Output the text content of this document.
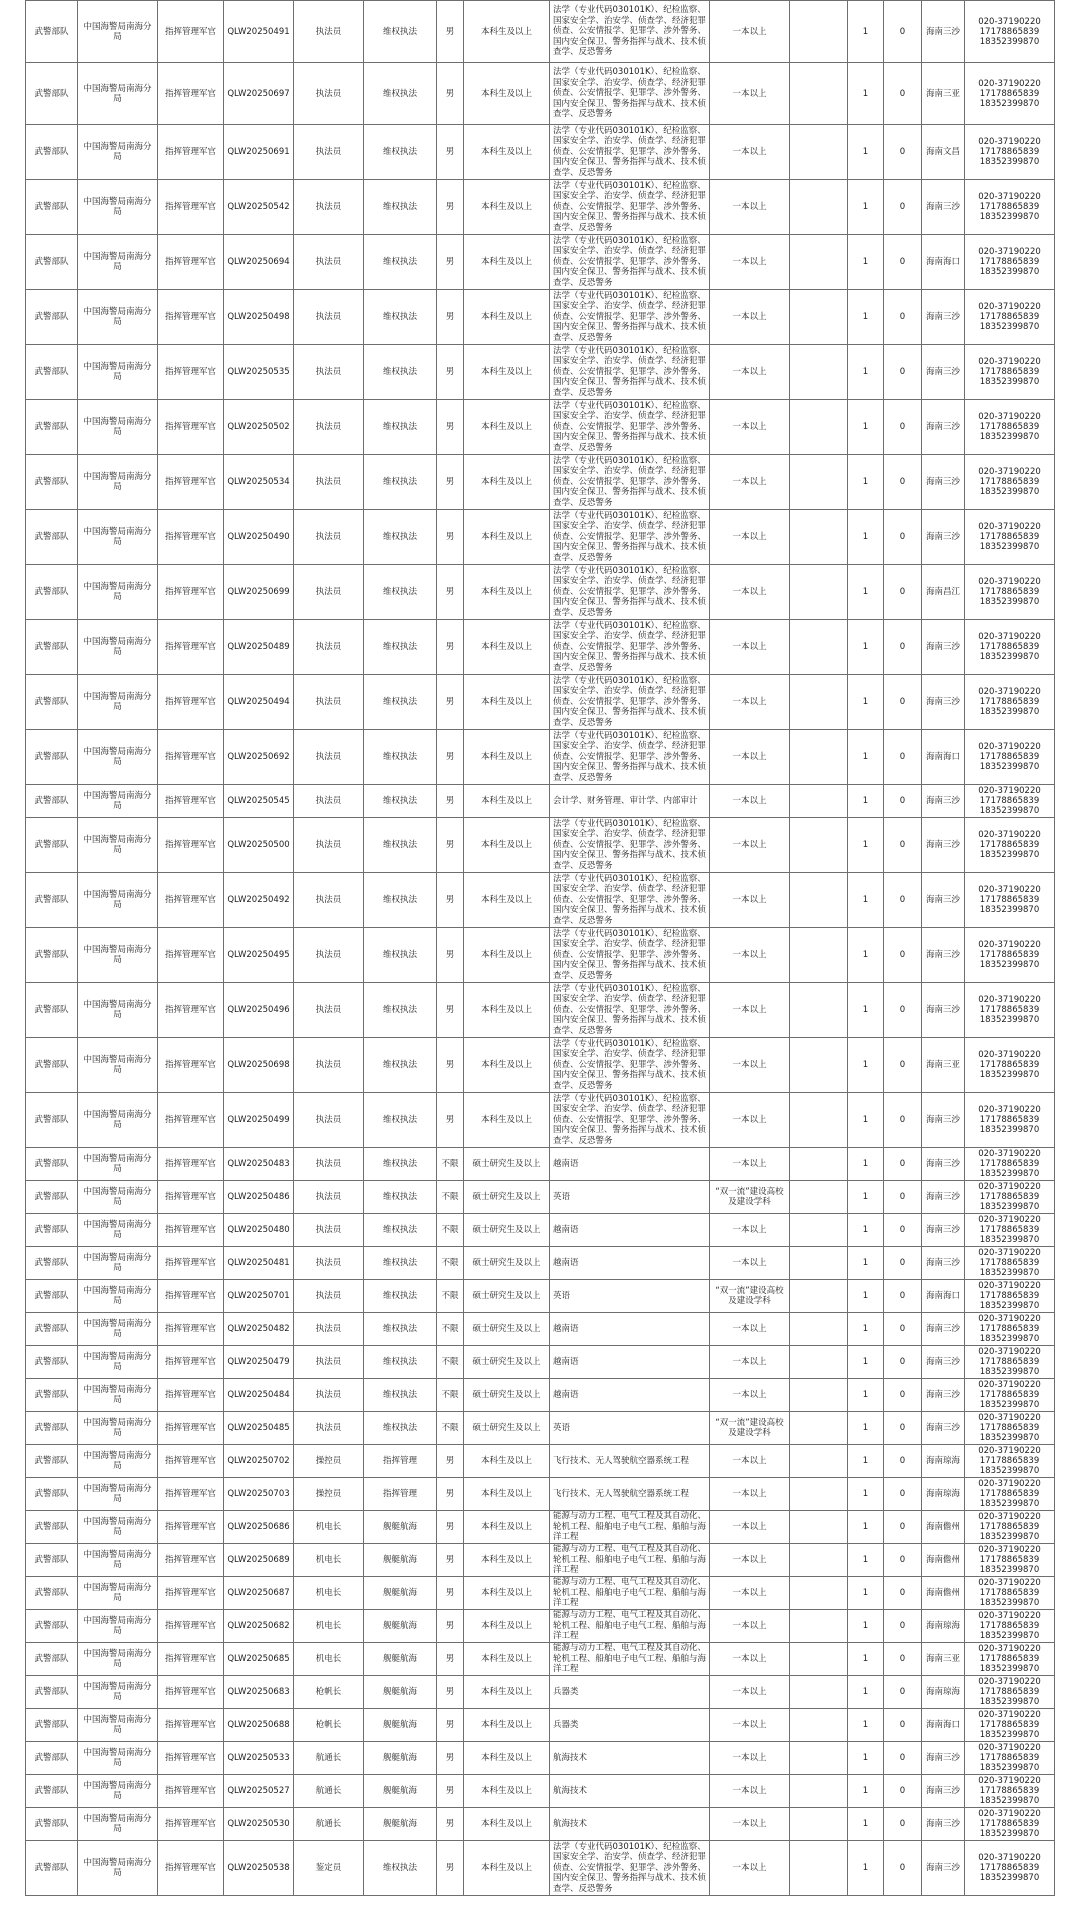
武警部队	中国海警局南海分局	指挥管理军官	QLW20250491	执法员	维权执法	男	本科生及以上	法学（专业代码030101K）、纪检监察、国家安全学、治安学、侦查学、经济犯罪侦查、公安情报学、犯罪学、涉外警务、国内安全保卫、警务指挥与战术、技术侦查学、反恐警务	一本以上		1	0	海南三沙	020-37190220
17178865839
18352399870

武警部队	中国海警局南海分局	指挥管理军官	QLW20250697	执法员	维权执法	男	本科生及以上	法学（专业代码030101K）、纪检监察、国家安全学、治安学、侦查学、经济犯罪侦查、公安情报学、犯罪学、涉外警务、国内安全保卫、警务指挥与战术、技术侦查学、反恐警务	一本以上		1	0	海南三亚	020-37190220
17178865839
18352399870

武警部队	中国海警局南海分局	指挥管理军官	QLW20250691	执法员	维权执法	男	本科生及以上	法学（专业代码030101K）、纪检监察、国家安全学、治安学、侦查学、经济犯罪侦查、公安情报学、犯罪学、涉外警务、国内安全保卫、警务指挥与战术、技术侦查学、反恐警务	一本以上		1	0	海南文昌	020-37190220
17178865839
18352399870

武警部队	中国海警局南海分局	指挥管理军官	QLW20250542	执法员	维权执法	男	本科生及以上	法学（专业代码030101K）、纪检监察、国家安全学、治安学、侦查学、经济犯罪侦查、公安情报学、犯罪学、涉外警务、国内安全保卫、警务指挥与战术、技术侦查学、反恐警务	一本以上		1	0	海南三沙	020-37190220
17178865839
18352399870

武警部队	中国海警局南海分局	指挥管理军官	QLW20250694	执法员	维权执法	男	本科生及以上	法学（专业代码030101K）、纪检监察、国家安全学、治安学、侦查学、经济犯罪侦查、公安情报学、犯罪学、涉外警务、国内安全保卫、警务指挥与战术、技术侦查学、反恐警务	一本以上		1	0	海南海口	020-37190220
17178865839
18352399870

武警部队	中国海警局南海分局	指挥管理军官	QLW20250498	执法员	维权执法	男	本科生及以上	法学（专业代码030101K）、纪检监察、国家安全学、治安学、侦查学、经济犯罪侦查、公安情报学、犯罪学、涉外警务、国内安全保卫、警务指挥与战术、技术侦查学、反恐警务	一本以上		1	0	海南三沙	020-37190220
17178865839
18352399870

武警部队	中国海警局南海分局	指挥管理军官	QLW20250535	执法员	维权执法	男	本科生及以上	法学（专业代码030101K）、纪检监察、国家安全学、治安学、侦查学、经济犯罪侦查、公安情报学、犯罪学、涉外警务、国内安全保卫、警务指挥与战术、技术侦查学、反恐警务	一本以上		1	0	海南三沙	020-37190220
17178865839
18352399870

武警部队	中国海警局南海分局	指挥管理军官	QLW20250502	执法员	维权执法	男	本科生及以上	法学（专业代码030101K）、纪检监察、国家安全学、治安学、侦查学、经济犯罪侦查、公安情报学、犯罪学、涉外警务、国内安全保卫、警务指挥与战术、技术侦查学、反恐警务	一本以上		1	0	海南三沙	020-37190220
17178865839
18352399870

武警部队	中国海警局南海分局	指挥管理军官	QLW20250534	执法员	维权执法	男	本科生及以上	法学（专业代码030101K）、纪检监察、国家安全学、治安学、侦查学、经济犯罪侦查、公安情报学、犯罪学、涉外警务、国内安全保卫、警务指挥与战术、技术侦查学、反恐警务	一本以上		1	0	海南三沙	020-37190220
17178865839
18352399870

武警部队	中国海警局南海分局	指挥管理军官	QLW20250490	执法员	维权执法	男	本科生及以上	法学（专业代码030101K）、纪检监察、国家安全学、治安学、侦查学、经济犯罪侦查、公安情报学、犯罪学、涉外警务、国内安全保卫、警务指挥与战术、技术侦查学、反恐警务	一本以上		1	0	海南三沙	020-37190220
17178865839
18352399870

武警部队	中国海警局南海分局	指挥管理军官	QLW20250699	执法员	维权执法	男	本科生及以上	法学（专业代码030101K）、纪检监察、国家安全学、治安学、侦查学、经济犯罪侦查、公安情报学、犯罪学、涉外警务、国内安全保卫、警务指挥与战术、技术侦查学、反恐警务	一本以上		1	0	海南昌江	020-37190220
17178865839
18352399870

武警部队	中国海警局南海分局	指挥管理军官	QLW20250489	执法员	维权执法	男	本科生及以上	法学（专业代码030101K）、纪检监察、国家安全学、治安学、侦查学、经济犯罪侦查、公安情报学、犯罪学、涉外警务、国内安全保卫、警务指挥与战术、技术侦查学、反恐警务	一本以上		1	0	海南三沙	020-37190220
17178865839
18352399870

武警部队	中国海警局南海分局	指挥管理军官	QLW20250494	执法员	维权执法	男	本科生及以上	法学（专业代码030101K）、纪检监察、国家安全学、治安学、侦查学、经济犯罪侦查、公安情报学、犯罪学、涉外警务、国内安全保卫、警务指挥与战术、技术侦查学、反恐警务	一本以上		1	0	海南三沙	020-37190220
17178865839
18352399870

武警部队	中国海警局南海分局	指挥管理军官	QLW20250692	执法员	维权执法	男	本科生及以上	法学（专业代码030101K）、纪检监察、国家安全学、治安学、侦查学、经济犯罪侦查、公安情报学、犯罪学、涉外警务、国内安全保卫、警务指挥与战术、技术侦查学、反恐警务	一本以上		1	0	海南海口	020-37190220
17178865839
18352399870

武警部队	中国海警局南海分局	指挥管理军官	QLW20250545	执法员	维权执法	男	本科生及以上	会计学、财务管理、审计学、内部审计	一本以上		1	0	海南三沙	020-37190220
17178865839
18352399870

武警部队	中国海警局南海分局	指挥管理军官	QLW20250500	执法员	维权执法	男	本科生及以上	法学（专业代码030101K）、纪检监察、国家安全学、治安学、侦查学、经济犯罪侦查、公安情报学、犯罪学、涉外警务、国内安全保卫、警务指挥与战术、技术侦查学、反恐警务	一本以上		1	0	海南三沙	020-37190220
17178865839
18352399870

武警部队	中国海警局南海分局	指挥管理军官	QLW20250492	执法员	维权执法	男	本科生及以上	法学（专业代码030101K）、纪检监察、国家安全学、治安学、侦查学、经济犯罪侦查、公安情报学、犯罪学、涉外警务、国内安全保卫、警务指挥与战术、技术侦查学、反恐警务	一本以上		1	0	海南三沙	020-37190220
17178865839
18352399870

武警部队	中国海警局南海分局	指挥管理军官	QLW20250495	执法员	维权执法	男	本科生及以上	法学（专业代码030101K）、纪检监察、国家安全学、治安学、侦查学、经济犯罪侦查、公安情报学、犯罪学、涉外警务、国内安全保卫、警务指挥与战术、技术侦查学、反恐警务	一本以上		1	0	海南三沙	020-37190220
17178865839
18352399870

武警部队	中国海警局南海分局	指挥管理军官	QLW20250496	执法员	维权执法	男	本科生及以上	法学（专业代码030101K）、纪检监察、国家安全学、治安学、侦查学、经济犯罪侦查、公安情报学、犯罪学、涉外警务、国内安全保卫、警务指挥与战术、技术侦查学、反恐警务	一本以上		1	0	海南三沙	020-37190220
17178865839
18352399870

武警部队	中国海警局南海分局	指挥管理军官	QLW20250698	执法员	维权执法	男	本科生及以上	法学（专业代码030101K）、纪检监察、国家安全学、治安学、侦查学、经济犯罪侦查、公安情报学、犯罪学、涉外警务、国内安全保卫、警务指挥与战术、技术侦查学、反恐警务	一本以上		1	0	海南三亚	020-37190220
17178865839
18352399870

武警部队	中国海警局南海分局	指挥管理军官	QLW20250499	执法员	维权执法	男	本科生及以上	法学（专业代码030101K）、纪检监察、国家安全学、治安学、侦查学、经济犯罪侦查、公安情报学、犯罪学、涉外警务、国内安全保卫、警务指挥与战术、技术侦查学、反恐警务	一本以上		1	0	海南三沙	020-37190220
17178865839
18352399870

武警部队	中国海警局南海分局	指挥管理军官	QLW20250483	执法员	维权执法	不限	硕士研究生及以上	越南语	一本以上		1	0	海南三沙	020-37190220
17178865839
18352399870

武警部队	中国海警局南海分局	指挥管理军官	QLW20250486	执法员	维权执法	不限	硕士研究生及以上	英语	“双一流”建设高校及建设学科		1	0	海南三沙	020-37190220
17178865839
18352399870

武警部队	中国海警局南海分局	指挥管理军官	QLW20250480	执法员	维权执法	不限	硕士研究生及以上	越南语	一本以上		1	0	海南三沙	020-37190220
17178865839
18352399870

武警部队	中国海警局南海分局	指挥管理军官	QLW20250481	执法员	维权执法	不限	硕士研究生及以上	越南语	一本以上		1	0	海南三沙	020-37190220
17178865839
18352399870

武警部队	中国海警局南海分局	指挥管理军官	QLW20250701	执法员	维权执法	不限	硕士研究生及以上	英语	“双一流”建设高校及建设学科		1	0	海南海口	020-37190220
17178865839
18352399870

武警部队	中国海警局南海分局	指挥管理军官	QLW20250482	执法员	维权执法	不限	硕士研究生及以上	越南语	一本以上		1	0	海南三沙	020-37190220
17178865839
18352399870

武警部队	中国海警局南海分局	指挥管理军官	QLW20250479	执法员	维权执法	不限	硕士研究生及以上	越南语	一本以上		1	0	海南三沙	020-37190220
17178865839
18352399870

武警部队	中国海警局南海分局	指挥管理军官	QLW20250484	执法员	维权执法	不限	硕士研究生及以上	越南语	一本以上		1	0	海南三沙	020-37190220
17178865839
18352399870

武警部队	中国海警局南海分局	指挥管理军官	QLW20250485	执法员	维权执法	不限	硕士研究生及以上	英语	“双一流”建设高校及建设学科		1	0	海南三沙	020-37190220
17178865839
18352399870

武警部队	中国海警局南海分局	指挥管理军官	QLW20250702	操控员	指挥管理	男	本科生及以上	飞行技术、无人驾驶航空器系统工程	一本以上		1	0	海南琼海	020-37190220
17178865839
18352399870

武警部队	中国海警局南海分局	指挥管理军官	QLW20250703	操控员	指挥管理	男	本科生及以上	飞行技术、无人驾驶航空器系统工程	一本以上		1	0	海南琼海	020-37190220
17178865839
18352399870

武警部队	中国海警局南海分局	指挥管理军官	QLW20250686	机电长	舰艇航海	男	本科生及以上	能源与动力工程、电气工程及其自动化、轮机工程、船舶电子电气工程、船舶与海洋工程	一本以上		1	0	海南儋州	020-37190220
17178865839
18352399870

武警部队	中国海警局南海分局	指挥管理军官	QLW20250689	机电长	舰艇航海	男	本科生及以上	能源与动力工程、电气工程及其自动化、轮机工程、船舶电子电气工程、船舶与海洋工程	一本以上		1	0	海南儋州	020-37190220
17178865839
18352399870

武警部队	中国海警局南海分局	指挥管理军官	QLW20250687	机电长	舰艇航海	男	本科生及以上	能源与动力工程、电气工程及其自动化、轮机工程、船舶电子电气工程、船舶与海洋工程	一本以上		1	0	海南儋州	020-37190220
17178865839
18352399870

武警部队	中国海警局南海分局	指挥管理军官	QLW20250682	机电长	舰艇航海	男	本科生及以上	能源与动力工程、电气工程及其自动化、轮机工程、船舶电子电气工程、船舶与海洋工程	一本以上		1	0	海南琼海	020-37190220
17178865839
18352399870

武警部队	中国海警局南海分局	指挥管理军官	QLW20250685	机电长	舰艇航海	男	本科生及以上	能源与动力工程、电气工程及其自动化、轮机工程、船舶电子电气工程、船舶与海洋工程	一本以上		1	0	海南三亚	020-37190220
17178865839
18352399870

武警部队	中国海警局南海分局	指挥管理军官	QLW20250683	枪帆长	舰艇航海	男	本科生及以上	兵器类	一本以上		1	0	海南琼海	020-37190220
17178865839
18352399870

武警部队	中国海警局南海分局	指挥管理军官	QLW20250688	枪帆长	舰艇航海	男	本科生及以上	兵器类	一本以上		1	0	海南海口	020-37190220
17178865839
18352399870

武警部队	中国海警局南海分局	指挥管理军官	QLW20250533	航通长	舰艇航海	男	本科生及以上	航海技术	一本以上		1	0	海南三沙	020-37190220
17178865839
18352399870

武警部队	中国海警局南海分局	指挥管理军官	QLW20250527	航通长	舰艇航海	男	本科生及以上	航海技术	一本以上		1	0	海南三沙	020-37190220
17178865839
18352399870

武警部队	中国海警局南海分局	指挥管理军官	QLW20250530	航通长	舰艇航海	男	本科生及以上	航海技术	一本以上		1	0	海南三沙	020-37190220
17178865839
18352399870

武警部队	中国海警局南海分局	指挥管理军官	QLW20250538	鉴定员	维权执法	男	本科生及以上	法学（专业代码030101K）、纪检监察、国家安全学、治安学、侦查学、经济犯罪侦查、公安情报学、犯罪学、涉外警务、国内安全保卫、警务指挥与战术、技术侦查学、反恐警务	一本以上		1	0	海南三沙	020-37190220
17178865839
18352399870
